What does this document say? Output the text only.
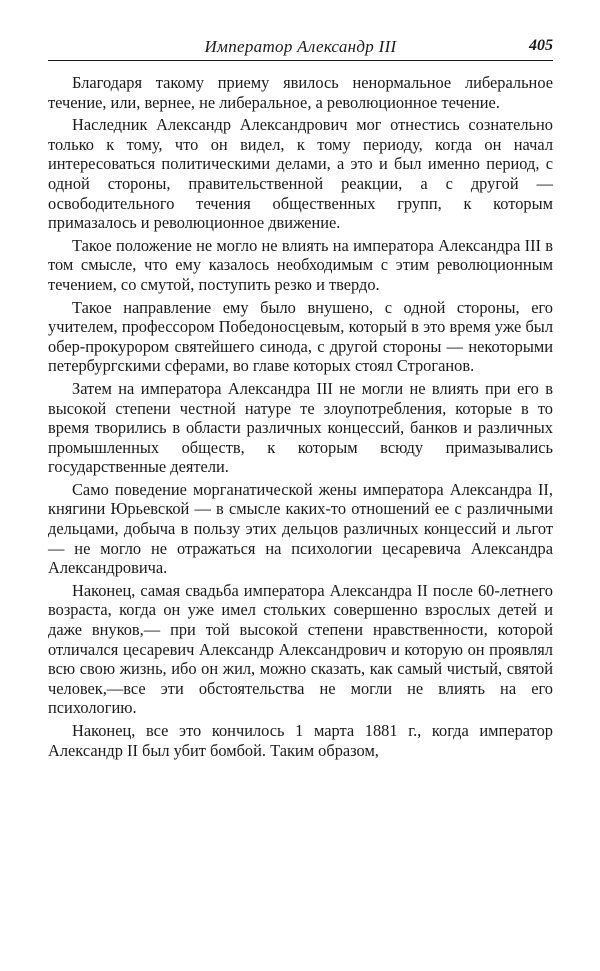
Император Александр III	405

Благодаря такому приему явилось ненормальное либеральное течение, или, вернее, не либеральное, а революционное течение.

Наследник Александр Александрович мог отнестись сознательно только к тому, что он видел, к тому периоду, когда он начал интересоваться политическими делами, а это и был именно период, с одной стороны, правительственной реакции, а с другой — освободительного течения общественных групп, к которым примазалось и революционное движение.

Такое положение не могло не влиять на императора Александра III в том смысле, что ему казалось необходимым с этим революционным течением, со смутой, поступить резко и твердо.

Такое направление ему было внушено, с одной стороны, его учителем, профессором Победоносцевым, который в это время уже был обер-прокурором святейшего синода, с другой стороны — некоторыми петербургскими сферами, во главе которых стоял Строганов.

Затем на императора Александра III не могли не влиять при его в высокой степени честной натуре те злоупотребления, которые в то время творились в области различных концессий, банков и различных промышленных обществ, к которым всюду примазывались государственные деятели.

Само поведение морганатической жены императора Александра II, княгини Юрьевской — в смысле каких-то отношений ее с различными дельцами, добыча в пользу этих дельцов различных концессий и льгот — не могло не отражаться на психологии цесаревича Александра Александровича.

Наконец, самая свадьба императора Александра II после 60-летнего возраста, когда он уже имел стольких совершенно взрослых детей и даже внуков,— при той высокой степени нравственности, которой отличался цесаревич Александр Александрович и которую он проявлял всю свою жизнь, ибо он жил, можно сказать, как самый чистый, святой человек,—все эти обстоятельства не могли не влиять на его психологию.

Наконец, все это кончилось 1 марта 1881 г., когда император Александр II был убит бомбой. Таким образом,
